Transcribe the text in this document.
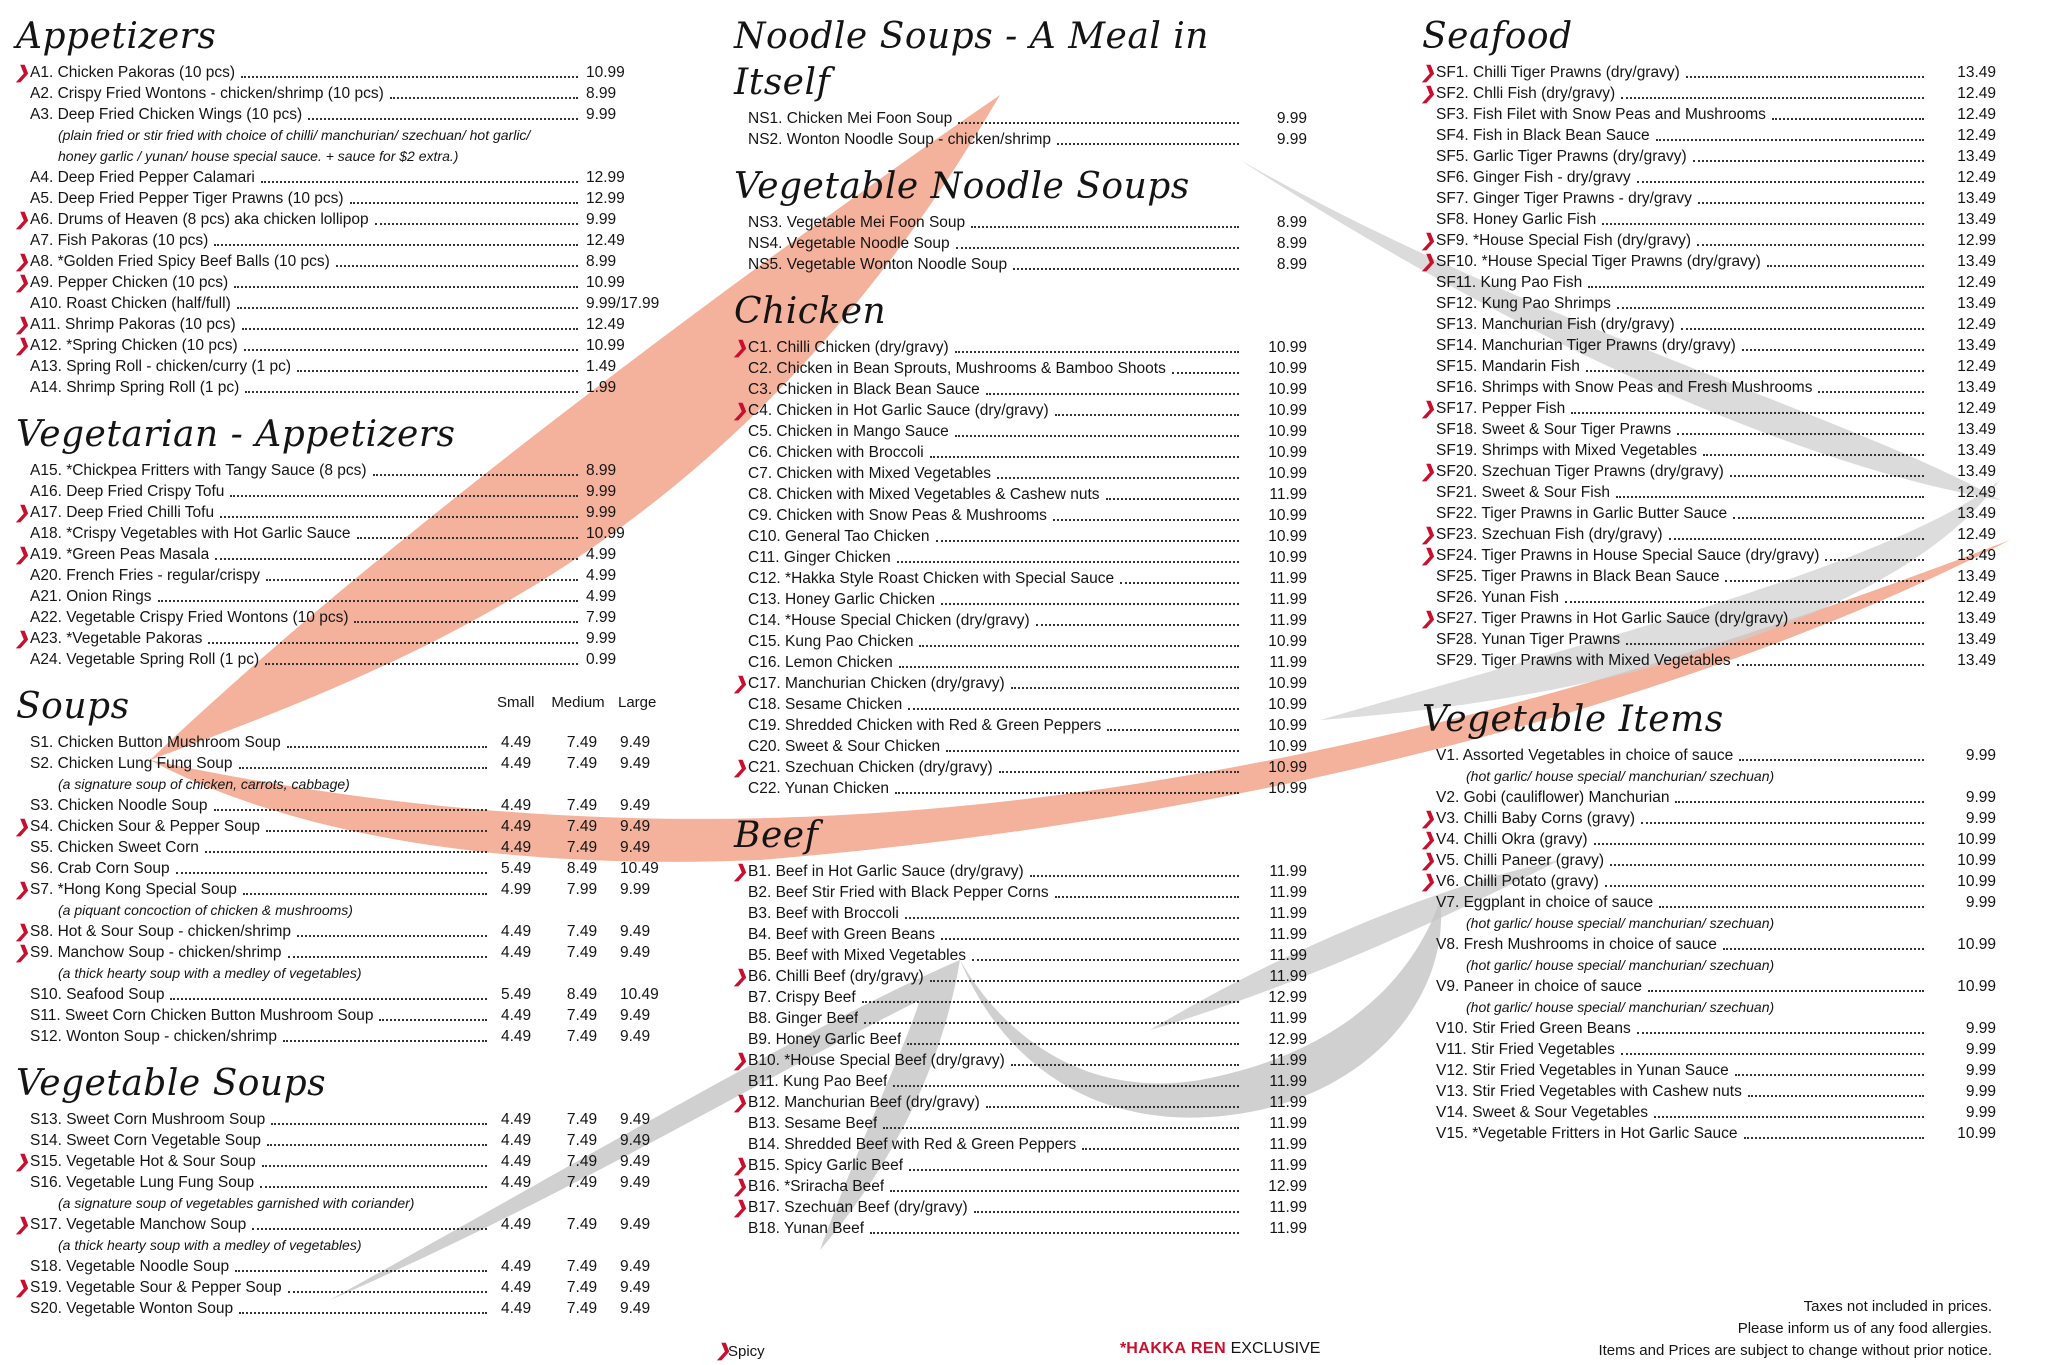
Appetizers
❯ A1. Chicken Pakoras (10 pcs)	10.99
A2. Crispy Fried Wontons - chicken/shrimp (10 pcs)	8.99
A3. Deep Fried Chicken Wings (10 pcs)	9.99
(plain fried or stir fried with choice of chilli/ manchurian/ szechuan/ hot garlic/
honey garlic / yunan/ house special sauce. + sauce for $2 extra.)
A4. Deep Fried Pepper Calamari	12.99
A5. Deep Fried Pepper Tiger Prawns (10 pcs)	12.99
❯ A6. Drums of Heaven (8 pcs) aka chicken lollipop	9.99
A7. Fish Pakoras (10 pcs)	12.49
❯ A8. *Golden Fried Spicy Beef Balls (10 pcs)	8.99
❯ A9. Pepper Chicken (10 pcs)	10.99
A10. Roast Chicken (half/full)	9.99/17.99
❯ A11. Shrimp Pakoras (10 pcs)	12.49
❯ A12. *Spring Chicken (10 pcs)	10.99
A13. Spring Roll - chicken/curry (1 pc)	1.49
A14. Shrimp Spring Roll (1 pc)	1.99
Vegetarian - Appetizers
A15. *Chickpea Fritters with Tangy Sauce (8 pcs)	8.99
A16. Deep Fried Crispy Tofu	9.99
❯ A17. Deep Fried Chilli Tofu	9.99
A18. *Crispy Vegetables with Hot Garlic Sauce	10.99
❯ A19. *Green Peas Masala	4.99
A20. French Fries - regular/crispy	4.99
A21. Onion Rings	4.99
A22. Vegetable Crispy Fried Wontons (10 pcs)	7.99
❯ A23. *Vegetable Pakoras	9.99
A24. Vegetable Spring Roll (1 pc)	0.99
Soups	Small	Medium Large
S1. Chicken Button Mushroom Soup	4.49	7.49	9.49
S2. Chicken Lung Fung Soup	4.49	7.49	9.49
(a signature soup of chicken, carrots, cabbage)
S3. Chicken Noodle Soup	4.49	7.49	9.49
❯ S4. Chicken Sour & Pepper Soup	4.49	7.49	9.49
S5. Chicken Sweet Corn	4.49	7.49	9.49
S6. Crab Corn Soup	5.49	8.49	10.49
❯ S7. *Hong Kong Special Soup	4.99	7.99	9.99
(a piquant concoction of chicken & mushrooms)
❯ S8. Hot & Sour Soup - chicken/shrimp	4.49	7.49	9.49
❯ S9. Manchow Soup - chicken/shrimp	4.49	7.49	9.49
(a thick hearty soup with a medley of vegetables)
S10. Seafood Soup	5.49	8.49	10.49
S11. Sweet Corn Chicken Button Mushroom Soup	4.49	7.49	9.49
S12. Wonton Soup - chicken/shrimp	4.49	7.49	9.49
Vegetable Soups
S13. Sweet Corn Mushroom Soup	4.49	7.49	9.49
S14. Sweet Corn Vegetable Soup	4.49	7.49	9.49
❯ S15. Vegetable Hot & Sour Soup	4.49	7.49	9.49
S16. Vegetable Lung Fung Soup	4.49	7.49	9.49
(a signature soup of vegetables garnished with coriander)
❯ S17. Vegetable Manchow Soup	4.49	7.49	9.49
(a thick hearty soup with a medley of vegetables)
S18. Vegetable Noodle Soup	4.49	7.49	9.49
❯ S19. Vegetable Sour & Pepper Soup	4.49	7.49	9.49
S20. Vegetable Wonton Soup	4.49	7.49	9.49
Noodle Soups - A Meal in Itself
NS1. Chicken Mei Foon Soup	9.99
NS2. Wonton Noodle Soup - chicken/shrimp	9.99
Vegetable Noodle Soups
NS3. Vegetable Mei Foon Soup	8.99
NS4. Vegetable Noodle Soup	8.99
NS5. Vegetable Wonton Noodle Soup	8.99
Chicken
❯ C1. Chilli Chicken (dry/gravy)	10.99
C2. Chicken in Bean Sprouts, Mushrooms & Bamboo Shoots	10.99
C3. Chicken in Black Bean Sauce	10.99
❯ C4. Chicken in Hot Garlic Sauce (dry/gravy)	10.99
C5. Chicken in Mango Sauce	10.99
C6. Chicken with Broccoli	10.99
C7. Chicken with Mixed Vegetables	10.99
C8. Chicken with Mixed Vegetables & Cashew nuts	11.99
C9. Chicken with Snow Peas & Mushrooms	10.99
C10. General Tao Chicken	10.99
C11. Ginger Chicken	10.99
C12. *Hakka Style Roast Chicken with Special Sauce	11.99
C13. Honey Garlic Chicken	11.99
C14. *House Special Chicken (dry/gravy)	11.99
C15. Kung Pao Chicken	10.99
C16. Lemon Chicken	11.99
❯ C17. Manchurian Chicken (dry/gravy)	10.99
C18. Sesame Chicken	10.99
C19. Shredded Chicken with Red & Green Peppers	10.99
C20. Sweet & Sour Chicken	10.99
❯ C21. Szechuan Chicken (dry/gravy)	10.99
C22. Yunan Chicken	10.99
Beef
❯ B1. Beef in Hot Garlic Sauce (dry/gravy)	11.99
B2. Beef Stir Fried with Black Pepper Corns	11.99
B3. Beef with Broccoli	11.99
B4. Beef with Green Beans	11.99
B5. Beef with Mixed Vegetables	11.99
❯ B6. Chilli Beef (dry/gravy)	11.99
B7. Crispy Beef	12.99
B8. Ginger Beef	11.99
B9. Honey Garlic Beef	12.99
❯ B10. *House Special Beef (dry/gravy)	11.99
B11. Kung Pao Beef	11.99
❯ B12. Manchurian Beef (dry/gravy)	11.99
B13. Sesame Beef	11.99
B14. Shredded Beef with Red & Green Peppers	11.99
❯ B15. Spicy Garlic Beef	11.99
❯ B16. *Sriracha Beef	12.99
❯ B17. Szechuan Beef (dry/gravy)	11.99
B18. Yunan Beef	11.99
Seafood
❯ SF1. Chilli Tiger Prawns (dry/gravy)	13.49
❯ SF2. Chlli Fish (dry/gravy)	12.49
SF3. Fish Filet with Snow Peas and Mushrooms	12.49
SF4. Fish in Black Bean Sauce	12.49
SF5. Garlic Tiger Prawns (dry/gravy)	13.49
SF6. Ginger Fish - dry/gravy	12.49
SF7. Ginger Tiger Prawns - dry/gravy	13.49
SF8. Honey Garlic Fish	13.49
❯ SF9. *House Special Fish (dry/gravy)	12.99
❯ SF10. *House Special Tiger Prawns (dry/gravy)	13.49
SF11. Kung Pao Fish	12.49
SF12. Kung Pao Shrimps	13.49
SF13. Manchurian Fish (dry/gravy)	12.49
SF14. Manchurian Tiger Prawns (dry/gravy)	13.49
SF15. Mandarin Fish	12.49
SF16. Shrimps with Snow Peas and Fresh Mushrooms	13.49
❯ SF17. Pepper Fish	12.49
SF18. Sweet & Sour Tiger Prawns	13.49
SF19. Shrimps with Mixed Vegetables	13.49
❯ SF20. Szechuan Tiger Prawns (dry/gravy)	13.49
SF21. Sweet & Sour Fish	12.49
SF22. Tiger Prawns in Garlic Butter Sauce	13.49
❯ SF23. Szechuan Fish (dry/gravy)	12.49
❯ SF24. Tiger Prawns in House Special Sauce (dry/gravy)	13.49
SF25. Tiger Prawns in Black Bean Sauce	13.49
SF26. Yunan Fish	12.49
❯ SF27. Tiger Prawns in Hot Garlic Sauce (dry/gravy)	13.49
SF28. Yunan Tiger Prawns	13.49
SF29. Tiger Prawns with Mixed Vegetables	13.49
Vegetable Items
V1. Assorted Vegetables in choice of sauce	9.99
(hot garlic/ house special/ manchurian/ szechuan)
V2. Gobi (cauliflower) Manchurian	9.99
❯ V3. Chilli Baby Corns (gravy)	9.99
❯ V4. Chilli Okra (gravy)	10.99
❯ V5. Chilli Paneer (gravy)	10.99
❯ V6. Chilli Potato (gravy)	10.99
V7. Eggplant in choice of sauce	9.99
(hot garlic/ house special/ manchurian/ szechuan)
V8. Fresh Mushrooms in choice of sauce	10.99
(hot garlic/ house special/ manchurian/ szechuan)
V9. Paneer in choice of sauce	10.99
(hot garlic/ house special/ manchurian/ szechuan)
V10. Stir Fried Green Beans	9.99
V11. Stir Fried Vegetables	9.99
V12. Stir Fried Vegetables in Yunan Sauce	9.99
V13. Stir Fried Vegetables with Cashew nuts	9.99
V14. Sweet & Sour Vegetables	9.99
V15. *Vegetable Fritters in Hot Garlic Sauce	10.99
❯Spicy	*HAKKA REN EXCLUSIVE
Taxes not included in prices.
Please inform us of any food allergies.
Items and Prices are subject to change without prior notice.
